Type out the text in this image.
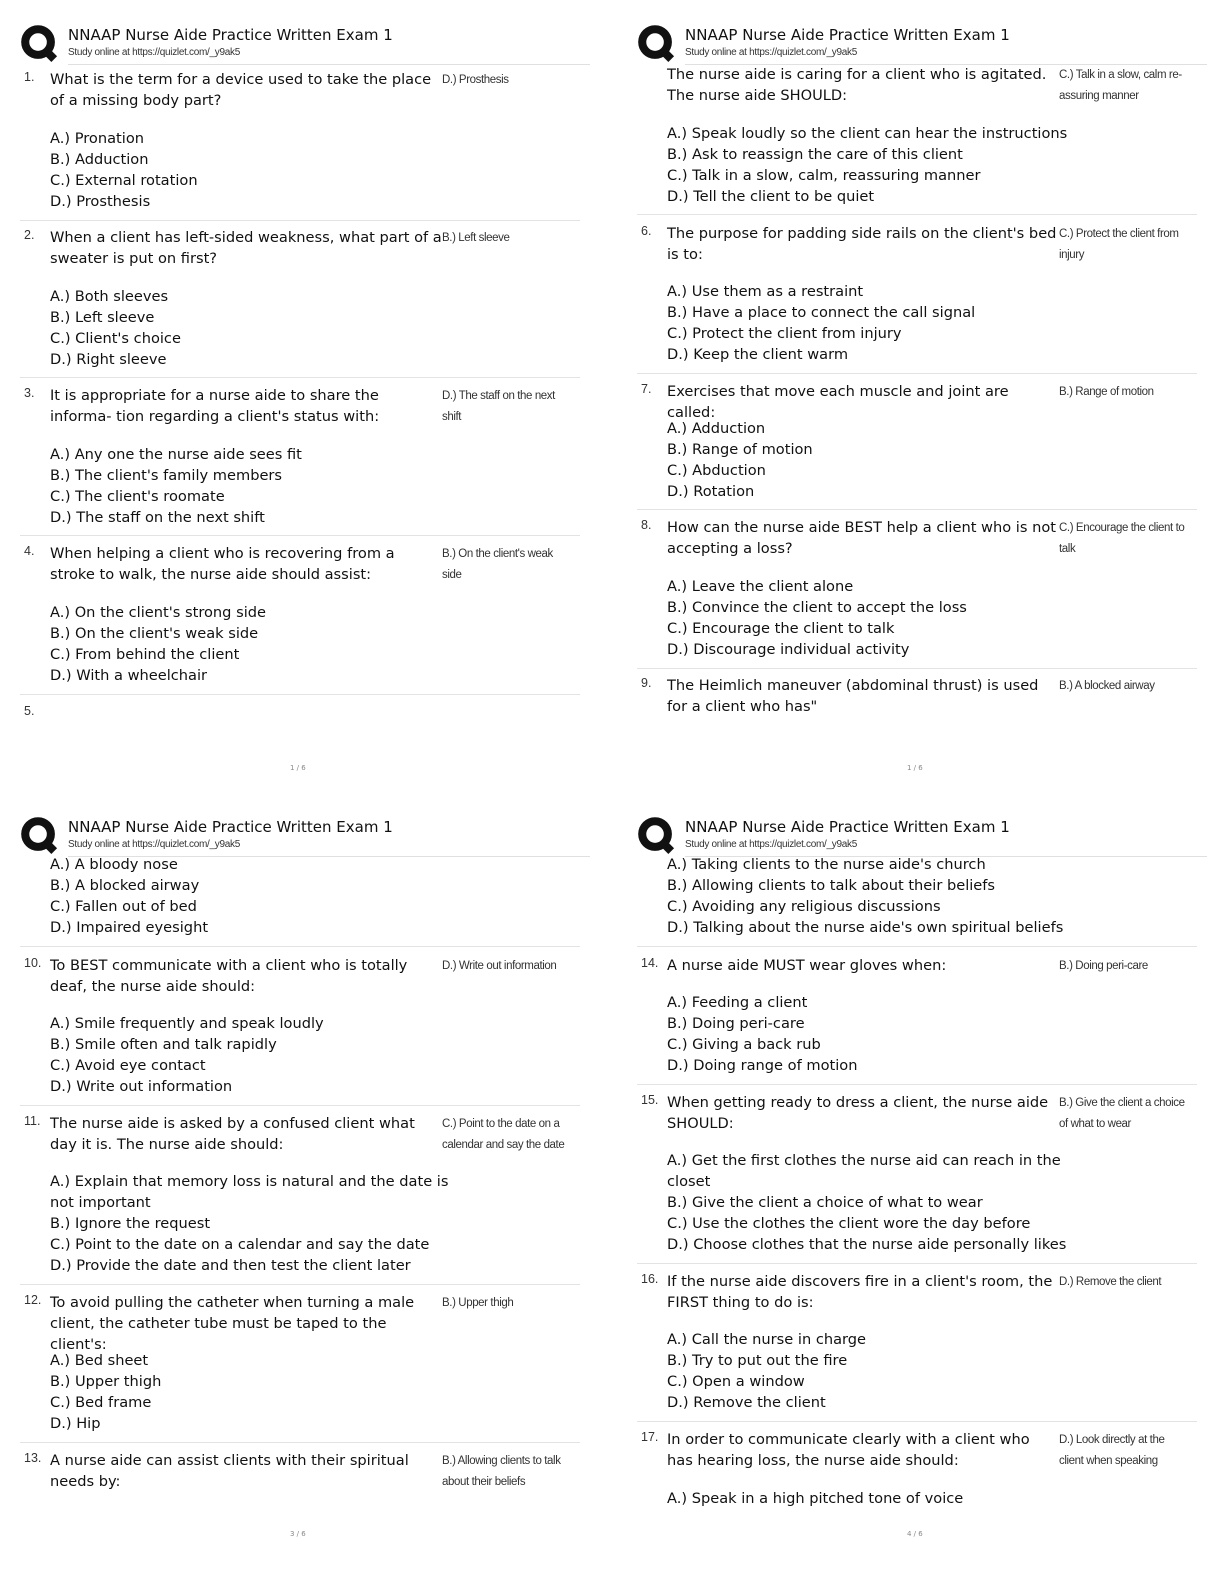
NNAAP Nurse Aide Practice Written Exam 1
Study online at https://quizlet.com/_y9ak5
1. What is the term for a device used to take the place of a missing body part?
D.) Prosthesis
A.) Pronation
B.) Adduction
C.) External rotation
D.) Prosthesis
2. When a client has left-sided weakness, what part of a sweater is put on first?
B.) Left sleeve
A.) Both sleeves
B.) Left sleeve
C.) Client's choice
D.) Right sleeve
3. It is appropriate for a nurse aide to share the informa- tion regarding a client's status with:
D.) The staff on the next shift
A.) Any one the nurse aide sees fit
B.) The client's family members
C.) The client's roomate
D.) The staff on the next shift
4. When helping a client who is recovering from a stroke to walk, the nurse aide should assist:
B.) On the client's weak side
A.) On the client's strong side
B.) On the client's weak side
C.) From behind the client
D.) With a wheelchair
5.
1 / 6
NNAAP Nurse Aide Practice Written Exam 1
Study online at https://quizlet.com/_y9ak5
The nurse aide is caring for a client who is agitated. The nurse aide SHOULD:
C.) Talk in a slow, calm re- assuring manner
A.) Speak loudly so the client can hear the instructions
B.) Ask to reassign the care of this client
C.) Talk in a slow, calm, reassuring manner
D.) Tell the client to be quiet
6. The purpose for padding side rails on the client's bed is to:
C.) Protect the client from injury
A.) Use them as a restraint
B.) Have a place to connect the call signal
C.) Protect the client from injury
D.) Keep the client warm
7. Exercises that move each muscle and joint are called:
B.) Range of motion
A.) Adduction
B.) Range of motion
C.) Abduction
D.) Rotation
8. How can the nurse aide BEST help a client who is not accepting a loss?
C.) Encourage the client to talk
A.) Leave the client alone
B.) Convince the client to accept the loss
C.) Encourage the client to talk
D.) Discourage individual activity
9. The Heimlich maneuver (abdominal thrust) is used for a client who has"
B.) A blocked airway
1 / 6
NNAAP Nurse Aide Practice Written Exam 1
Study online at https://quizlet.com/_y9ak5
A.) A bloody nose
B.) A blocked airway
C.) Fallen out of bed
D.) Impaired eyesight
10. To BEST communicate with a client who is totally deaf, the nurse aide should:
D.) Write out information
A.) Smile frequently and speak loudly
B.) Smile often and talk rapidly
C.) Avoid eye contact
D.) Write out information
11. The nurse aide is asked by a confused client what day it is. The nurse aide should:
C.) Point to the date on a calendar and say the date
A.) Explain that memory loss is natural and the date is
not important
B.) Ignore the request
C.) Point to the date on a calendar and say the date
D.) Provide the date and then test the client later
12. To avoid pulling the catheter when turning a male client, the catheter tube must be taped to the client's:
B.) Upper thigh
A.) Bed sheet
B.) Upper thigh
C.) Bed frame
D.) Hip
13. A nurse aide can assist clients with their spiritual needs by:
B.) Allowing clients to talk about their beliefs
3 / 6
NNAAP Nurse Aide Practice Written Exam 1
Study online at https://quizlet.com/_y9ak5
A.) Taking clients to the nurse aide's church
B.) Allowing clients to talk about their beliefs
C.) Avoiding any religious discussions
D.) Talking about the nurse aide's own spiritual beliefs
14. A nurse aide MUST wear gloves when:	B.) Doing peri-care
A.) Feeding a client
B.) Doing peri-care
C.) Giving a back rub
D.) Doing range of motion
15. When getting ready to dress a client, the nurse aide SHOULD:
B.) Give the client a choice of what to wear
A.) Get the first clothes the nurse aid can reach in the
closet
B.) Give the client a choice of what to wear
C.) Use the clothes the client wore the day before
D.) Choose clothes that the nurse aide personally likes
16. If the nurse aide discovers fire in a client's room, the FIRST thing to do is:
D.) Remove the client
A.) Call the nurse in charge
B.) Try to put out the fire
C.) Open a window
D.) Remove the client
17. In order to communicate clearly with a client who has hearing loss, the nurse aide should:
D.) Look directly at the client when speaking
A.) Speak in a high pitched tone of voice
4 / 6
